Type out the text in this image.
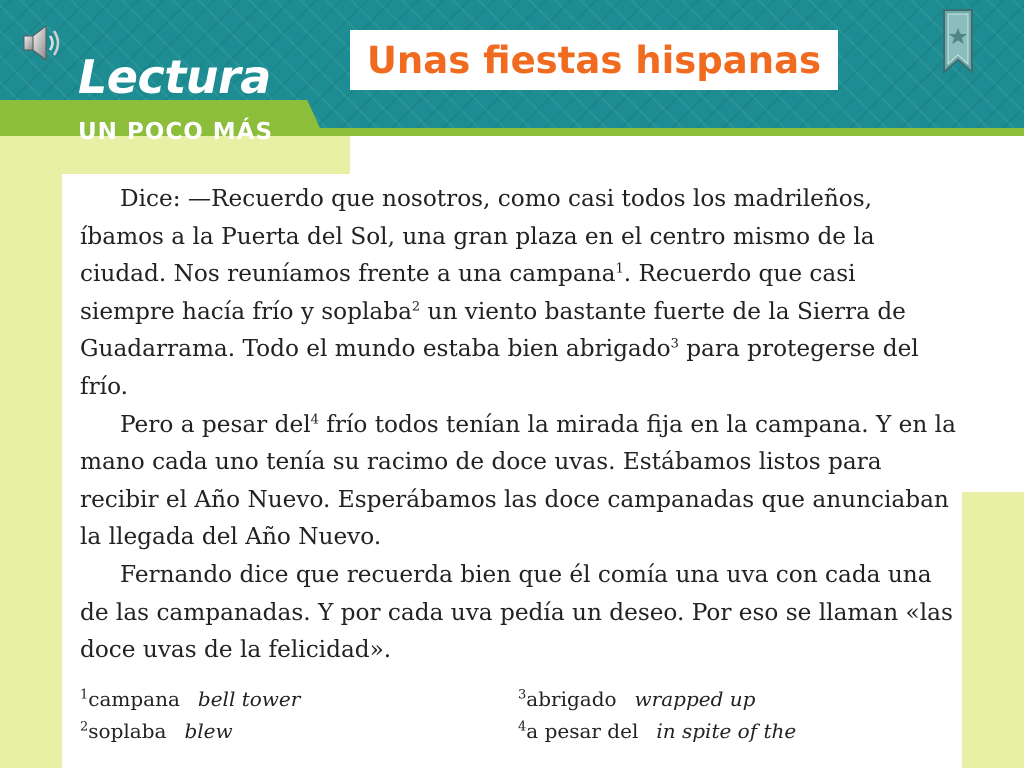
Lectura
UN POCO MÁS
Unas fiestas hispanas

Dice: —Recuerdo que nosotros, como casi todos los madrileños, íbamos a la Puerta del Sol, una gran plaza en el centro mismo de la ciudad. Nos reuníamos frente a una campana$^1$. Recuerdo que casi siempre hacía frío y soplaba$^2$ un viento bastante fuerte de la Sierra de Guadarrama. Todo el mundo estaba bien abrigado$^3$ para protegerse del frío.

Pero a pesar del$^4$ frío todos tenían la mirada fija en la campana. Y en la mano cada uno tenía su racimo de doce uvas. Estábamos listos para recibir el Año Nuevo. Esperábamos las doce campanadas que anunciaban la llegada del Año Nuevo.

Fernando dice que recuerda bien que él comía una uva con cada una de las campanadas. Y por cada uva pedía un deseo. Por eso se llaman «las doce uvas de la felicidad».

$^1$campana bell tower
$^2$soplaba blew
$^3$abrigado wrapped up
$^4$a pesar del in spite of the
